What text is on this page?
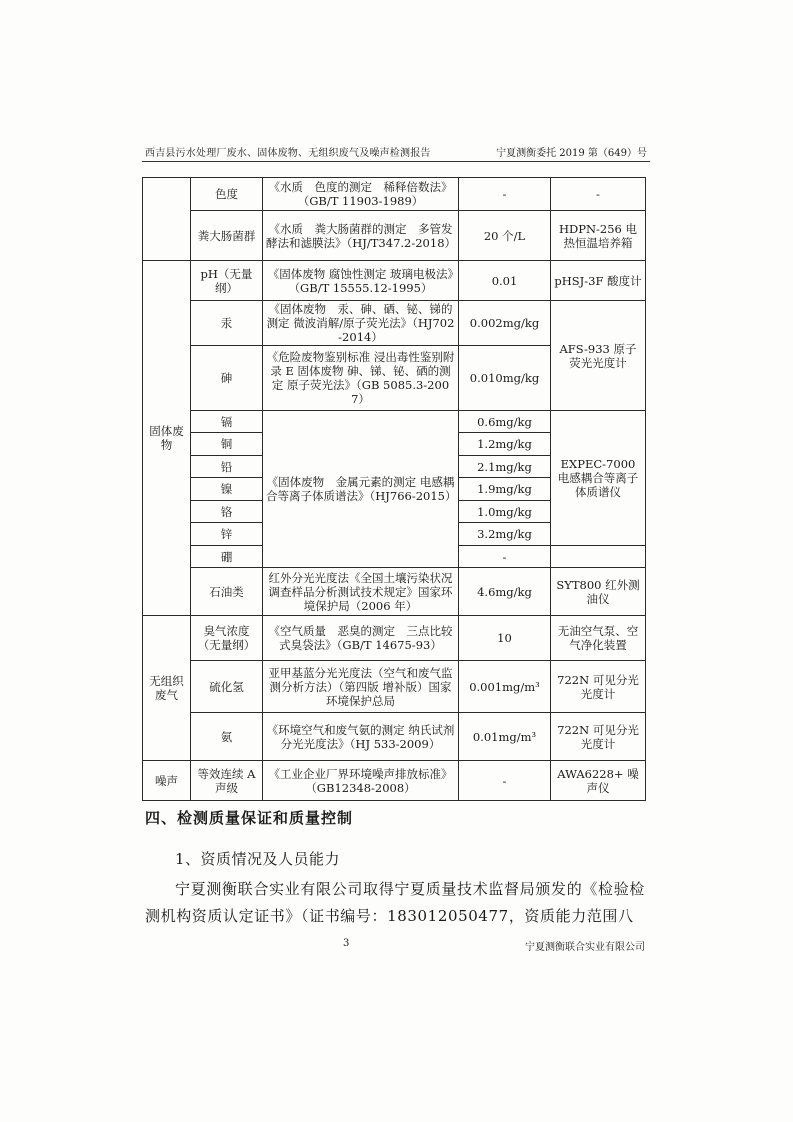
西吉县污水处理厂废水、固体废物、无组织废气及噪声检测报告	宁夏测衡委托 2019 第（649）号
	色度	《水质　色度的测定　稀释倍数法》（GB/T 11903-1989）	-	-
	粪大肠菌群	《水质　粪大肠菌群的测定　多管发酵法和滤膜法》（HJ/T347.2-2018）	20 个/L	HDPN-256 电热恒温培养箱
固体废物	pH（无量纲）	《固体废物 腐蚀性测定 玻璃电极法》（GB/T 15555.12-1995）	0.01	pHSJ-3F 酸度计
	汞	《固体废物　汞、砷、硒、铋、锑的测定 微波消解/原子荧光法》（HJ702-2014）	0.002mg/kg	AFS-933 原子荧光光度计
	砷	《危险废物鉴别标准 浸出毒性鉴别附录 E 固体废物 砷、锑、铋、硒的测定 原子荧光法》（GB 5085.3-2007）	0.010mg/kg	
	镉	《固体废物　金属元素的测定 电感耦合等离子体质谱法》（HJ766-2015）	0.6mg/kg	EXPEC-7000 电感耦合等离子体质谱仪
	铜		1.2mg/kg	
	铅		2.1mg/kg	
	镍		1.9mg/kg	
	铬		1.0mg/kg	
	锌		3.2mg/kg	
	硼		-	
	石油类	红外分光光度法《全国土壤污染状况调查样品分析测试技术规定》国家环境保护局（2006 年）	4.6mg/kg	SYT800 红外测油仪
无组织废气	臭气浓度（无量纲）	《空气质量　恶臭的测定　三点比较式臭袋法》（GB/T 14675-93）	10	无油空气泵、空气净化装置
	硫化氢	亚甲基蓝分光光度法（空气和废气监测分析方法）（第四版 增补版）国家环境保护总局	0.001mg/m³	722N 可见分光光度计
	氨	《环境空气和废气氨的测定 纳氏试剂分光光度法》（HJ 533-2009）	0.01mg/m³	722N 可见分光光度计
噪声	等效连续 A 声级	《工业企业厂界环境噪声排放标准》（GB12348-2008）	-	AWA6228+ 噪声仪
四、检测质量保证和质量控制
1、资质情况及人员能力
宁夏测衡联合实业有限公司取得宁夏质量技术监督局颁发的《检验检测机构资质认定证书》（证书编号：183012050477，资质能力范围八
3	宁夏测衡联合实业有限公司
